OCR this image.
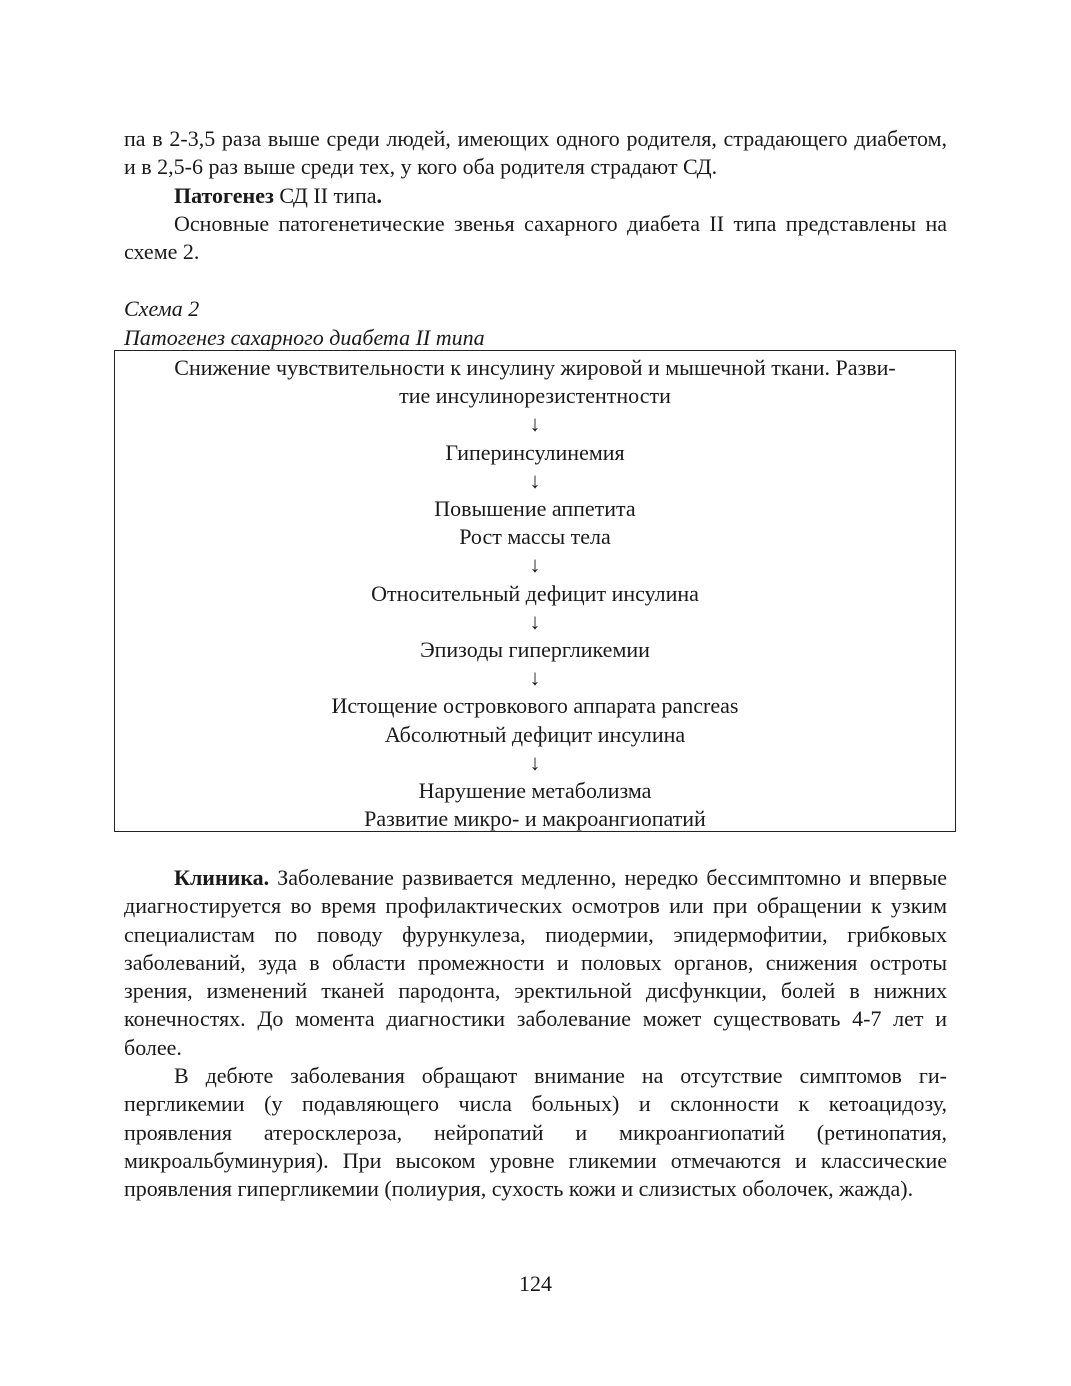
па в 2-3,5 раза выше среди людей, имеющих одного родителя, страдающего диабетом, и в 2,5-6 раз выше среди тех, у кого оба родителя страдают СД.

Патогенез СД II типа.

Основные патогенетические звенья сахарного диабета II типа представлены на схеме 2.

Схема 2

Патогенез сахарного диабета II типа

Снижение чувствительности к инсулину жировой и мышечной ткани. Разви-

тие инсулинорезистентности

↓

Гиперинсулинемия

↓

Повышение аппетита

Рост массы тела

↓

Относительный дефицит инсулина

↓

Эпизоды гипергликемии

↓

Истощение островкового аппарата pancreas

Абсолютный дефицит инсулина

↓

Нарушение метаболизма

Развитие микро- и макроангиопатий

Клиника. Заболевание развивается медленно, нередко бессимптомно и впервые диагностируется во время профилактических осмотров или при обращении к узким специалистам по поводу фурункулеза, пиодермии, эпидермофитии, грибковых заболеваний, зуда в области промежности и половых органов, снижения остроты зрения, изменений тканей пародонта, эректильной дисфункции, болей в нижних конечностях. До момента диагностики заболевание может существовать 4-7 лет и более.

В дебюте заболевания обращают внимание на отсутствие симптомов гипергликемии (у подавляющего числа больных) и склонности к кетоацидозу, проявления атеросклероза, нейропатий и микроангиопатий (ретинопатия, микроальбуминурия). При высоком уровне гликемии отмечаются и классические проявления гипергликемии (полиурия, сухость кожи и слизистых оболочек, жажда).

124
